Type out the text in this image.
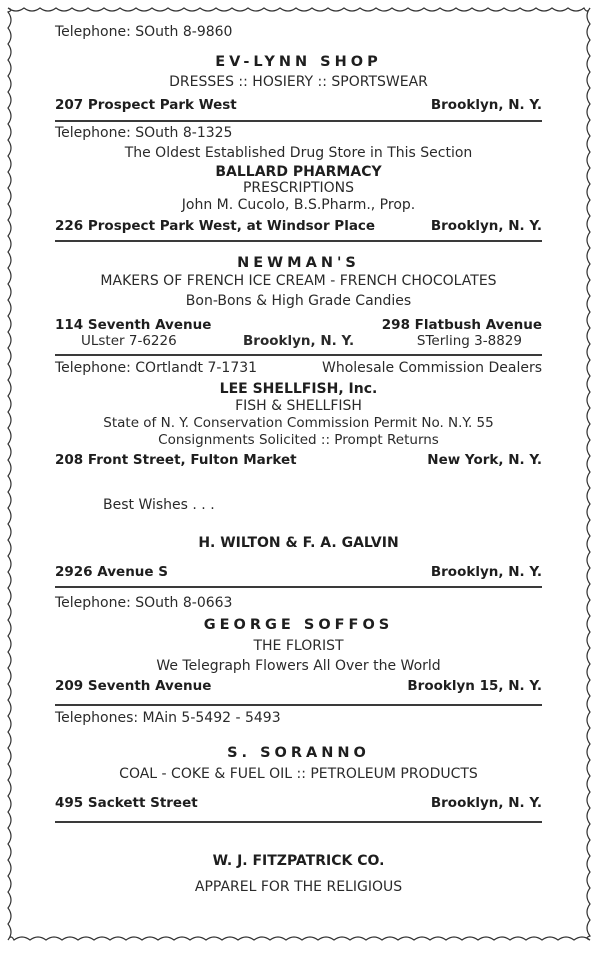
Telephone: SOuth 8-9860
EV-LYNN SHOP
DRESSES :: HOSIERY :: SPORTSWEAR
207 Prospect Park West	Brooklyn, N. Y.
Telephone: SOuth 8-1325
The Oldest Established Drug Store in This Section
BALLARD PHARMACY
PRESCRIPTIONS
John M. Cucolo, B.S.Pharm., Prop.
226 Prospect Park West, at Windsor Place	Brooklyn, N. Y.
NEWMAN'S
MAKERS OF FRENCH ICE CREAM - FRENCH CHOCOLATES
Bon-Bons & High Grade Candies
114 Seventh Avenue	298 Flatbush Avenue
ULster 7-6226	Brooklyn, N. Y.	STerling 3-8829
Telephone: COrtlandt 7-1731	Wholesale Commission Dealers
LEE SHELLFISH, Inc.
FISH & SHELLFISH
State of N. Y. Conservation Commission Permit No. N.Y. 55
Consignments Solicited :: Prompt Returns
208 Front Street, Fulton Market	New York, N. Y.
Best Wishes . . .
H. WILTON & F. A. GALVIN
2926 Avenue S	Brooklyn, N. Y.
Telephone: SOuth 8-0663
GEORGE SOFFOS
THE FLORIST
We Telegraph Flowers All Over the World
209 Seventh Avenue	Brooklyn 15, N. Y.
Telephones: MAin 5-5492 - 5493
S. SORANNO
COAL - COKE & FUEL OIL :: PETROLEUM PRODUCTS
495 Sackett Street	Brooklyn, N. Y.
W. J. FITZPATRICK CO.
APPAREL FOR THE RELIGIOUS
